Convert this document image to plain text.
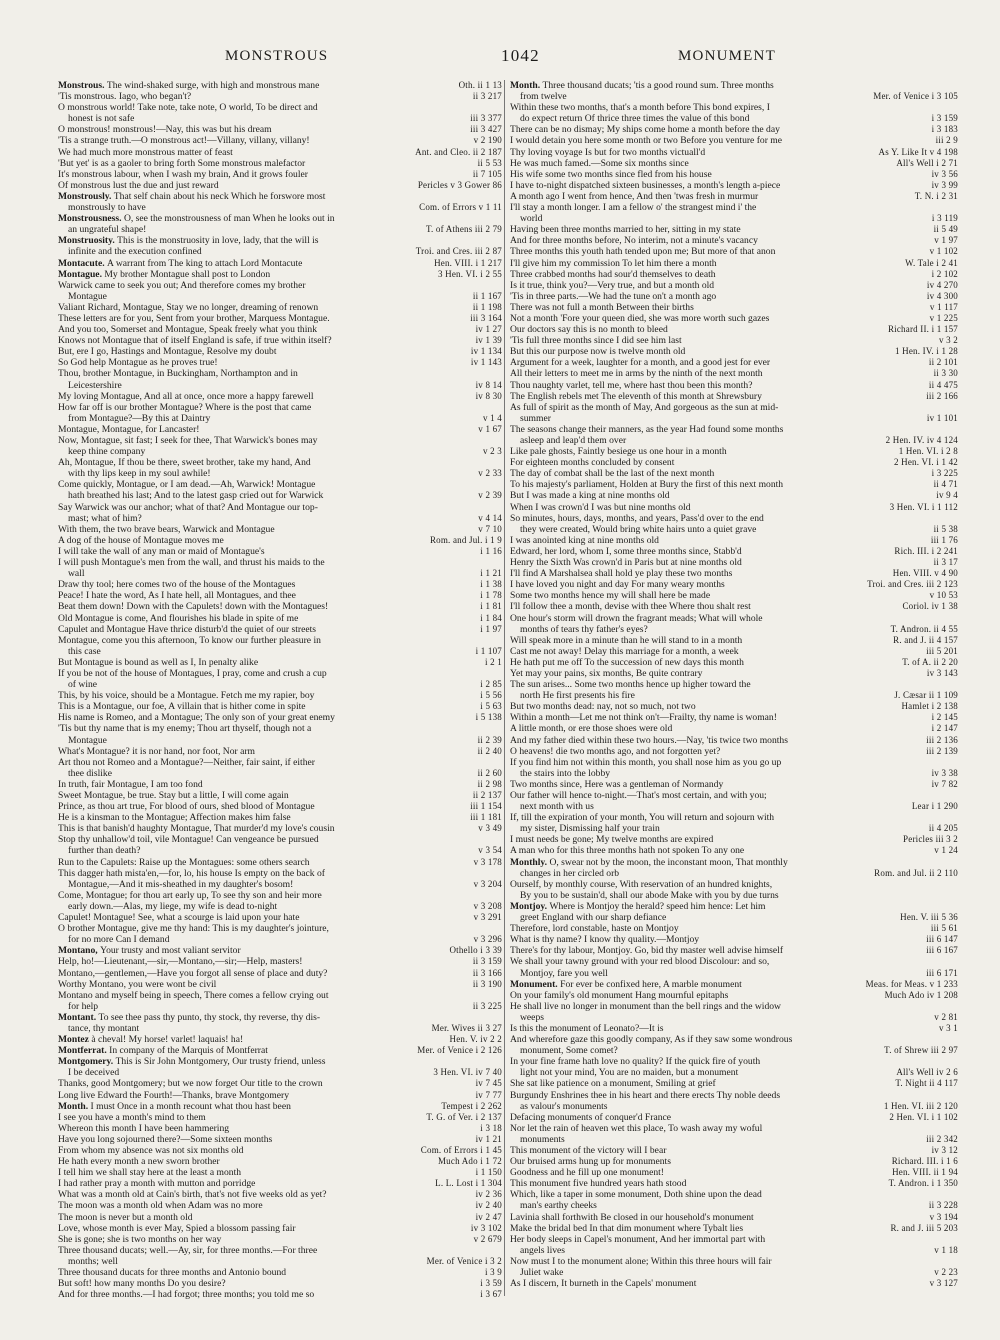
MONSTROUS	1042	MONUMENT
Monstrous. The wind-shaked surge, with high and monstrous mane	Oth. ii 1 13
'Tis monstrous. Iago, who began't?	ii 3 217
O monstrous world! Take note, take note, O world, To be direct and
honest is not safe	iii 3 377
O monstrous! monstrous!—Nay, this was but his dream	iii 3 427
'Tis a strange truth.—O monstrous act!—Villany, villany, villany!	v 2 190
We had much more monstrous matter of feast	Ant. and Cleo. ii 2 187
'But yet' is as a gaoler to bring forth Some monstrous malefactor	ii 5 53
It's monstrous labour, when I wash my brain, And it grows fouler	ii 7 105
Of monstrous lust the due and just reward	Pericles v 3 Gower 86
Monstrously. That self chain about his neck Which he forswore most
monstrously to have	Com. of Errors v 1 11
Monstrousness. O, see the monstrousness of man When he looks out in
an ungrateful shape!	T. of Athens iii 2 79
Monstruosity. This is the monstruosity in love, lady, that the will is
infinite and the execution confined	Troi. and Cres. iii 2 87
Montacute. A warrant from The king to attach Lord Montacute	Hen. VIII. i 1 217
Montague. My brother Montague shall post to London	3 Hen. VI. i 2 55
Warwick came to seek you out; And therefore comes my brother
Montague	ii 1 167
Valiant Richard, Montague, Stay we no longer, dreaming of renown	ii 1 198
These letters are for you, Sent from your brother, Marquess Montague.	iii 3 164
And you too, Somerset and Montague, Speak freely what you think	iv 1 27
Knows not Montague that of itself England is safe, if true within itself?	iv 1 39
But, ere I go, Hastings and Montague, Resolve my doubt	iv 1 134
So God help Montague as he proves true!	iv 1 143
Thou, brother Montague, in Buckingham, Northampton and in
Leicestershire	iv 8 14
My loving Montague, And all at once, once more a happy farewell	iv 8 30
How far off is our brother Montague? Where is the post that came
from Montague?—By this at Daintry	v 1 4
Montague, Montague, for Lancaster!	v 1 67
Now, Montague, sit fast; I seek for thee, That Warwick's bones may
keep thine company	v 2 3
Ah, Montague, If thou be there, sweet brother, take my hand, And
with thy lips keep in my soul awhile!	v 2 33
Come quickly, Montague, or I am dead.—Ah, Warwick! Montague
hath breathed his last; And to the latest gasp cried out for Warwick	v 2 39
Say Warwick was our anchor; what of that? And Montague our top-
mast; what of him?	v 4 14
With them, the two brave bears, Warwick and Montague	v 7 10
A dog of the house of Montague moves me	Rom. and Jul. i 1 9
I will take the wall of any man or maid of Montague's	i 1 16
I will push Montague's men from the wall, and thrust his maids to the
wall	i 1 21
Draw thy tool; here comes two of the house of the Montagues	i 1 38
Peace! I hate the word, As I hate hell, all Montagues, and thee	i 1 78
Beat them down! Down with the Capulets! down with the Montagues!	i 1 81
Old Montague is come, And flourishes his blade in spite of me	i 1 84
Capulet and Montague Have thrice disturb'd the quiet of our streets	i 1 97
Montague, come you this afternoon, To know our further pleasure in
this case	i 1 107
But Montague is bound as well as I, In penalty alike	i 2 1
If you be not of the house of Montagues, I pray, come and crush a cup
of wine	i 2 85
This, by his voice, should be a Montague. Fetch me my rapier, boy	i 5 56
This is a Montague, our foe, A villain that is hither come in spite	i 5 63
His name is Romeo, and a Montague; The only son of your great enemy	i 5 138
'Tis but thy name that is my enemy; Thou art thyself, though not a
Montague	ii 2 39
What's Montague? it is nor hand, nor foot, Nor arm	ii 2 40
Art thou not Romeo and a Montague?—Neither, fair saint, if either
thee dislike	ii 2 60
In truth, fair Montague, I am too fond	ii 2 98
Sweet Montague, be true. Stay but a little, I will come again	ii 2 137
Prince, as thou art true, For blood of ours, shed blood of Montague	iii 1 154
He is a kinsman to the Montague; Affection makes him false	iii 1 181
This is that banish'd haughty Montague, That murder'd my love's cousin	v 3 49
Stop thy unhallow'd toil, vile Montague! Can vengeance be pursued
further than death?	v 3 54
Run to the Capulets: Raise up the Montagues: some others search	v 3 178
This dagger hath mista'en,—for, lo, his house Is empty on the back of
Montague,—And it mis-sheathed in my daughter's bosom!	v 3 204
Come, Montague; for thou art early up, To see thy son and heir more
early down.—Alas, my liege, my wife is dead to-night	v 3 208
Capulet! Montague! See, what a scourge is laid upon your hate	v 3 291
O brother Montague, give me thy hand: This is my daughter's jointure,
for no more Can I demand	v 3 296
Montano, Your trusty and most valiant servitor	Othello i 3 39
Help, ho!—Lieutenant,—sir,—Montano,—sir;—Help, masters!	ii 3 159
Montano,—gentlemen,—Have you forgot all sense of place and duty?	ii 3 166
Worthy Montano, you were wont be civil	ii 3 190
Montano and myself being in speech, There comes a fellow crying out
for help	ii 3 225
Montant. To see thee pass thy punto, thy stock, thy reverse, thy dis-
tance, thy montant	Mer. Wives ii 3 27
Montez à cheval! My horse! varlet! laquais! ha!	Hen. V. iv 2 2
Montferrat. In company of the Marquis of Montferrat	Mer. of Venice i 2 126
Montgomery. This is Sir John Montgomery, Our trusty friend, unless
I be deceived	3 Hen. VI. iv 7 40
Thanks, good Montgomery; but we now forget Our title to the crown	iv 7 45
Long live Edward the Fourth!—Thanks, brave Montgomery	iv 7 77
Month. I must Once in a month recount what thou hast been	Tempest i 2 262
I see you have a month's mind to them	T. G. of Ver. i 2 137
Whereon this month I have been hammering	i 3 18
Have you long sojourned there?—Some sixteen months	iv 1 21
From whom my absence was not six months old	Com. of Errors i 1 45
He hath every month a new sworn brother	Much Ado i 1 72
I tell him we shall stay here at the least a month	i 1 150
I had rather pray a month with mutton and porridge	L. L. Lost i 1 304
What was a month old at Cain's birth, that's not five weeks old as yet?	iv 2 36
The moon was a month old when Adam was no more	iv 2 40
The moon is never but a month old	iv 2 47
Love, whose month is ever May, Spied a blossom passing fair	iv 3 102
She is gone; she is two months on her way	v 2 679
Three thousand ducats; well.—Ay, sir, for three months.—For three
months; well	Mer. of Venice i 3 2
Three thousand ducats for three months and Antonio bound	i 3 9
But soft! how many months Do you desire?	i 3 59
And for three months.—I had forgot; three months; you told me so	i 3 67
Month. Three thousand ducats; 'tis a good round sum. Three months
from twelve	Mer. of Venice i 3 105
Within these two months, that's a month before This bond expires, I
do expect return Of thrice three times the value of this bond	i 3 159
There can be no dismay; My ships come home a month before the day	i 3 183
I would detain you here some month or two Before you venture for me	iii 2 9
Thy loving voyage Is but for two months victuall'd	As Y. Like It v 4 198
He was much famed.—Some six months since	All's Well i 2 71
His wife some two months since fled from his house	iv 3 56
I have to-night dispatched sixteen businesses, a month's length a-piece	iv 3 99
A month ago I went from hence, And then 'twas fresh in murmur	T. N. i 2 31
I'll stay a month longer. I am a fellow o' the strangest mind i' the
world	i 3 119
Having been three months married to her, sitting in my state	ii 5 49
And for three months before, No interim, not a minute's vacancy	v 1 97
Three months this youth hath tended upon me; But more of that anon	v 1 102
I'll give him my commission To let him there a month	W. Tale i 2 41
Three crabbed months had sour'd themselves to death	i 2 102
Is it true, think you?—Very true, and but a month old	iv 4 270
'Tis in three parts.—We had the tune on't a month ago	iv 4 300
There was not full a month Between their births	v 1 117
Not a month 'Fore your queen died, she was more worth such gazes	v 1 225
Our doctors say this is no month to bleed	Richard II. i 1 157
'Tis full three months since I did see him last	v 3 2
But this our purpose now is twelve month old	1 Hen. IV. i 1 28
Argument for a week, laughter for a month, and a good jest for ever	ii 2 101
All their letters to meet me in arms by the ninth of the next month	ii 3 30
Thou naughty varlet, tell me, where hast thou been this month?	ii 4 475
The English rebels met The eleventh of this month at Shrewsbury	iii 2 166
As full of spirit as the month of May, And gorgeous as the sun at mid-
summer	iv 1 101
The seasons change their manners, as the year Had found some months
asleep and leap'd them over	2 Hen. IV. iv 4 124
Like pale ghosts, Faintly besiege us one hour in a month	1 Hen. VI. i 2 8
For eighteen months concluded by consent	2 Hen. VI. i 1 42
The day of combat shall be the last of the next month	i 3 225
To his majesty's parliament, Holden at Bury the first of this next month	ii 4 71
But I was made a king at nine months old	iv 9 4
When I was crown'd I was but nine months old	3 Hen. VI. i 1 112
So minutes, hours, days, months, and years, Pass'd over to the end
they were created, Would bring white hairs unto a quiet grave	ii 5 38
I was anointed king at nine months old	iii 1 76
Edward, her lord, whom I, some three months since, Stabb'd	Rich. III. i 2 241
Henry the Sixth Was crown'd in Paris but at nine months old	ii 3 17
I'll find A Marshalsea shall hold ye play these two months	Hen. VIII. v 4 90
I have loved you night and day For many weary months	Troi. and Cres. iii 2 123
Some two months hence my will shall here be made	v 10 53
I'll follow thee a month, devise with thee Where thou shalt rest	Coriol. iv 1 38
One hour's storm will drown the fragrant meads; What will whole
months of tears thy father's eyes?	T. Andron. ii 4 55
Will speak more in a minute than he will stand to in a month	R. and J. ii 4 157
Cast me not away! Delay this marriage for a month, a week	iii 5 201
He hath put me off To the succession of new days this month	T. of A. ii 2 20
Yet may your pains, six months, Be quite contrary	iv 3 143
The sun arises... Some two months hence up higher toward the
north He first presents his fire	J. Cæsar ii 1 109
But two months dead: nay, not so much, not two	Hamlet i 2 138
Within a month—Let me not think on't—Frailty, thy name is woman!	i 2 145
A little month, or ere those shoes were old	i 2 147
And my father died within these two hours.—Nay, 'tis twice two months	iii 2 136
O heavens! die two months ago, and not forgotten yet?	iii 2 139
If you find him not within this month, you shall nose him as you go up
the stairs into the lobby	iv 3 38
Two months since, Here was a gentleman of Normandy	iv 7 82
Our father will hence to-night.—That's most certain, and with you;
next month with us	Lear i 1 290
If, till the expiration of your month, You will return and sojourn with
my sister, Dismissing half your train	ii 4 205
I must needs be gone; My twelve months are expired	Pericles iii 3 2
A man who for this three months hath not spoken To any one	v 1 24
Monthly. O, swear not by the moon, the inconstant moon, That monthly
changes in her circled orb	Rom. and Jul. ii 2 110
Ourself, by monthly course, With reservation of an hundred knights,
By you to be sustain'd, shall our abode Make with you by due turns
Montjoy. Where is Montjoy the herald? speed him hence: Let him
greet England with our sharp defiance	Hen. V. iii 5 36
Therefore, lord constable, haste on Montjoy	iii 5 61
What is thy name? I know thy quality.—Montjoy	iii 6 147
There's for thy labour, Montjoy. Go, bid thy master well advise himself	iii 6 167
We shall your tawny ground with your red blood Discolour: and so,
Montjoy, fare you well	iii 6 171
Monument. For ever be confixed here, A marble monument	Meas. for Meas. v 1 233
On your family's old monument Hang mournful epitaphs	Much Ado iv 1 208
He shall live no longer in monument than the bell rings and the widow
weeps	v 2 81
Is this the monument of Leonato?—It is	v 3 1
And wherefore gaze this goodly company, As if they saw some wondrous
monument, Some comet?	T. of Shrew iii 2 97
In your fine frame hath love no quality? If the quick fire of youth
light not your mind, You are no maiden, but a monument	All's Well iv 2 6
She sat like patience on a monument, Smiling at grief	T. Night ii 4 117
Burgundy Enshrines thee in his heart and there erects Thy noble deeds
as valour's monuments	1 Hen. VI. iii 2 120
Defacing monuments of conquer'd France	2 Hen. VI. i 1 102
Nor let the rain of heaven wet this place, To wash away my woful
monuments	iii 2 342
This monument of the victory will I bear	iv 3 12
Our bruised arms hung up for monuments	Richard. III. i 1 6
Goodness and he fill up one monument!	Hen. VIII. ii 1 94
This monument five hundred years hath stood	T. Andron. i 1 350
Which, like a taper in some monument, Doth shine upon the dead
man's earthy cheeks	ii 3 228
Lavinia shall forthwith Be closed in our household's monument	v 3 194
Make the bridal bed In that dim monument where Tybalt lies	R. and J. iii 5 203
Her body sleeps in Capel's monument, And her immortal part with
angels lives	v 1 18
Now must I to the monument alone; Within this three hours will fair
Juliet wake	v 2 23
As I discern, It burneth in the Capels' monument	v 3 127
